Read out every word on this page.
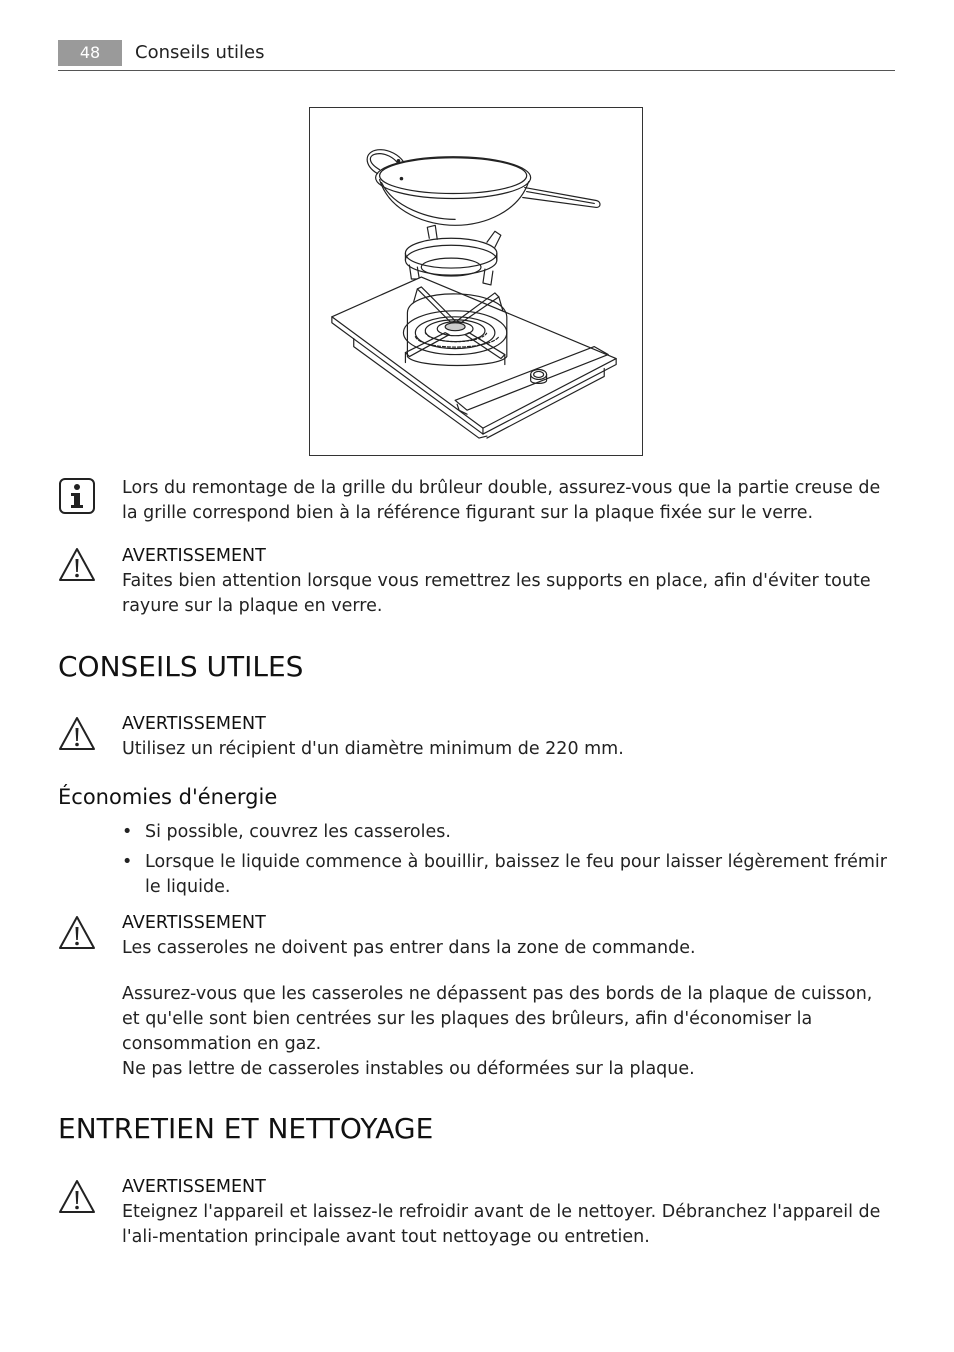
48	Conseils utiles

Lors du remontage de la grille du brûleur double, assurez-vous que la partie creuse de la grille correspond bien à la référence figurant sur la plaque fixée sur le verre.

AVERTISSEMENT

Faites bien attention lorsque vous remettrez les supports en place, afin d'éviter toute rayure sur la plaque en verre.

CONSEILS UTILES
AVERTISSEMENT

Utilisez un récipient d'un diamètre minimum de 220 mm.

Économies d'énergie
• Si possible, couvrez les casseroles.
• Lorsque le liquide commence à bouillir, baissez le feu pour laisser légèrement frémir le liquide.
AVERTISSEMENT

Les casseroles ne doivent pas entrer dans la zone de commande.

Assurez-vous que les casseroles ne dépassent pas des bords de la plaque de cuisson, et qu'elle sont bien centrées sur les plaques des brûleurs, afin d'économiser la consommation en gaz.

Ne pas lettre de casseroles instables ou déformées sur la plaque.

ENTRETIEN ET NETTOYAGE
AVERTISSEMENT

Eteignez l'appareil et laissez-le refroidir avant de le nettoyer. Débranchez l'appareil de l'ali-mentation principale avant tout nettoyage ou entretien.
